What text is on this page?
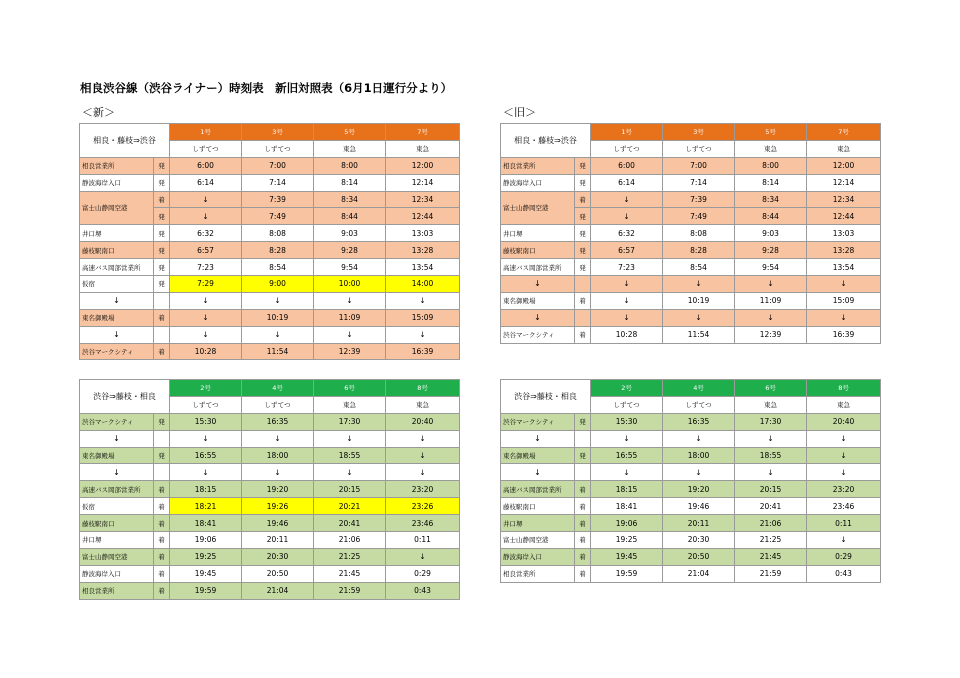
相良渋谷線（渋谷ライナー）時刻表　新旧対照表（6月1日運行分より）
＜新＞	＜旧＞
相良・藤枝⇒渋谷		1号	3号	5号	7号
		しずてつ	しずてつ	東急	東急
相良営業所	発	6:00	7:00	8:00	12:00
静波海岸入口	発	6:14	7:14	8:14	12:14
富士山静岡空港	着	↓	7:39	8:34	12:34
	発	↓	7:49	8:44	12:44
井口堺	発	6:32	8:08	9:03	13:03
藤枝駅南口	発	6:57	8:28	9:28	13:28
高速バス岡部営業所	発	7:23	8:54	9:54	13:54
仮宿	発	7:29	9:00	10:00	14:00
↓		↓	↓	↓	↓
東名御殿場	着	↓	10:19	11:09	15:09
↓		↓	↓	↓	↓
渋谷マークシティ	着	10:28	11:54	12:39	16:39
相良・藤枝⇒渋谷		1号	3号	5号	7号
		しずてつ	しずてつ	東急	東急
相良営業所	発	6:00	7:00	8:00	12:00
静波海岸入口	発	6:14	7:14	8:14	12:14
富士山静岡空港	着	↓	7:39	8:34	12:34
	発	↓	7:49	8:44	12:44
井口堺	発	6:32	8:08	9:03	13:03
藤枝駅南口	発	6:57	8:28	9:28	13:28
高速バス岡部営業所	発	7:23	8:54	9:54	13:54
↓		↓	↓	↓	↓
東名御殿場	着	↓	10:19	11:09	15:09
↓		↓	↓	↓	↓
渋谷マークシティ	着	10:28	11:54	12:39	16:39
渋谷⇒藤枝・相良		2号	4号	6号	8号
		しずてつ	しずてつ	東急	東急
渋谷マークシティ	発	15:30	16:35	17:30	20:40
↓		↓	↓	↓	↓
東名御殿場	発	16:55	18:00	18:55	↓
↓		↓	↓	↓	↓
高速バス岡部営業所	着	18:15	19:20	20:15	23:20
仮宿	着	18:21	19:26	20:21	23:26
藤枝駅南口	着	18:41	19:46	20:41	23:46
井口堺	着	19:06	20:11	21:06	0:11
富士山静岡空港	着	19:25	20:30	21:25	↓
静波海岸入口	着	19:45	20:50	21:45	0:29
相良営業所	着	19:59	21:04	21:59	0:43
渋谷⇒藤枝・相良		2号	4号	6号	8号
		しずてつ	しずてつ	東急	東急
渋谷マークシティ	発	15:30	16:35	17:30	20:40
↓		↓	↓	↓	↓
東名御殿場	発	16:55	18:00	18:55	↓
↓		↓	↓	↓	↓
高速バス岡部営業所	着	18:15	19:20	20:15	23:20
藤枝駅南口	着	18:41	19:46	20:41	23:46
井口堺	着	19:06	20:11	21:06	0:11
富士山静岡空港	着	19:25	20:30	21:25	↓
静波海岸入口	着	19:45	20:50	21:45	0:29
相良営業所	着	19:59	21:04	21:59	0:43
